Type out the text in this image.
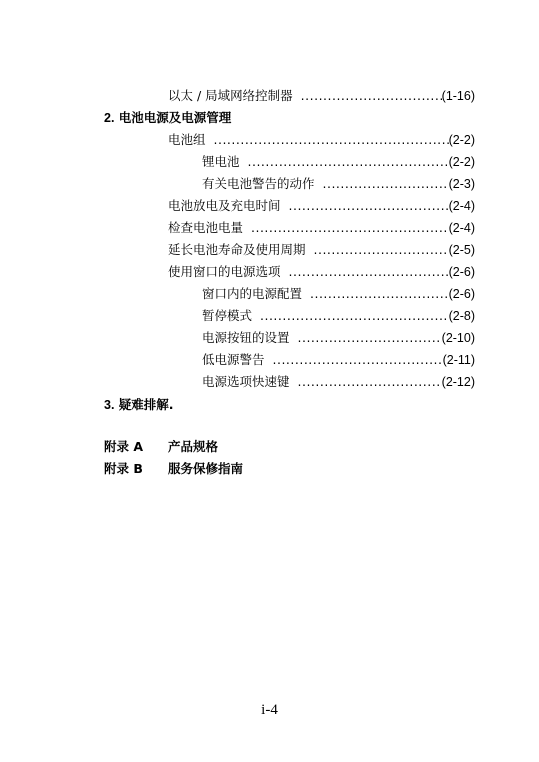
以太 / 局域网络控制器 .....	(1-16)
2. 电池电源及电源管理
电池组 .....	(2-2)
锂电池 .....	(2-2)
有关电池警告的动作 .....	(2-3)
电池放电及充电时间 .....	(2-4)
检查电池电量 .....	(2-4)
延长电池寿命及使用周期 .....	(2-5)
使用窗口的电源选项 .....	(2-6)
窗口内的电源配置 .....	(2-6)
暂停模式 .....	(2-8)
电源按钮的设置 .....	(2-10)
低电源警告 .....	(2-11)
电源选项快速键 .....	(2-12)
3. 疑难排解.
附录 A 产品规格
附录 B 服务保修指南
i-4
